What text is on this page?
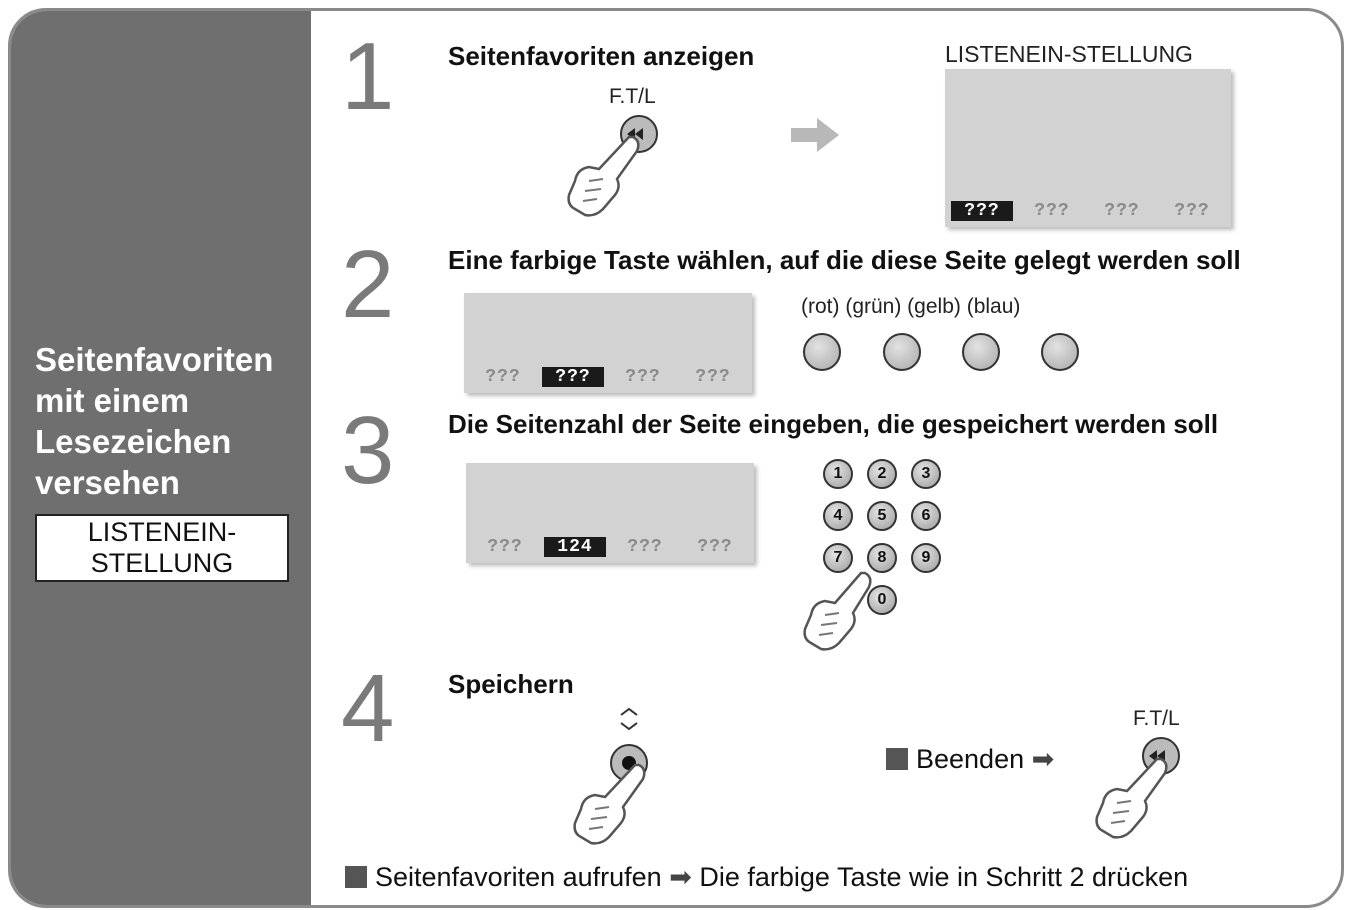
Seitenfavoriten
mit einem
Lesezeichen
versehen
LISTENEIN-
STELLUNG
1 Seitenfavoriten anzeigen
F.T/L
LISTENEIN-STELLUNG
???	???	???	???
2 Eine farbige Taste wählen, auf die diese Seite gelegt werden soll
???	???	???	???
(rot) (grün) (gelb) (blau)
3 Die Seitenzahl der Seite eingeben, die gespeichert werden soll
???	124	???	???
1	2	3
4	5	6
7	8	9
0
4 Speichern
Beenden ➡
F.T/L
Seitenfavoriten aufrufen ➡ Die farbige Taste wie in Schritt 2 drücken
